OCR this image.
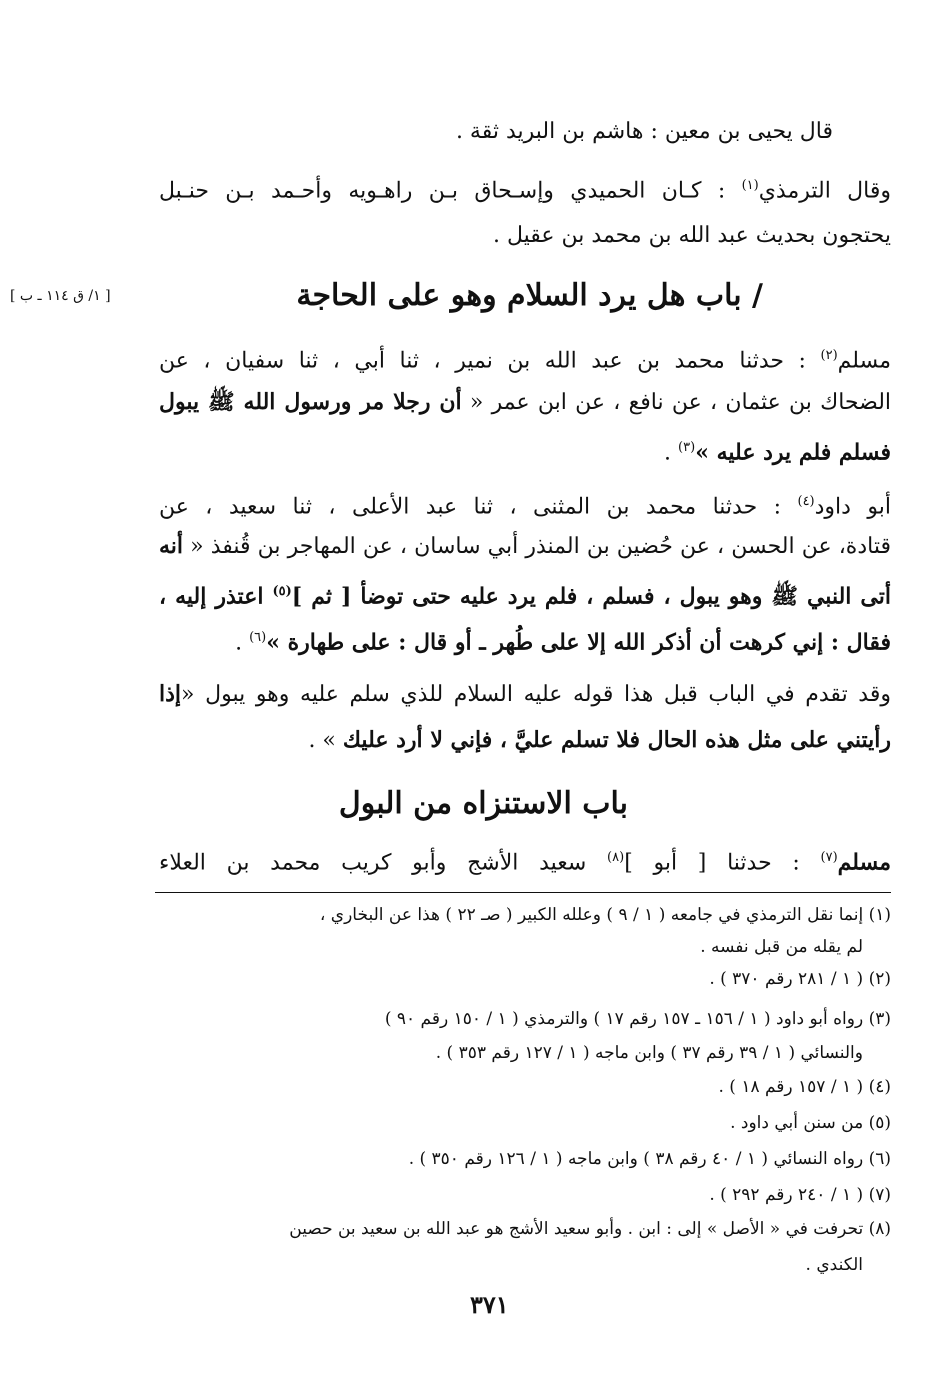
قال يحيى بن معين : هاشم بن البريد ثقة .
وقال الترمذي$^{(١)}$ : كـان الحميدي وإسـحاق بـن راهـويه وأحـمد بـن حنـبل
يحتجون بحديث عبد الله بن محمد بن عقيل .
/ باب هل يرد السلام وهو على الحاجة
[ ١/ ق ١١٤ ـ ب ]
مسلم$^{(٢)}$ : حدثنا محمد بن عبد الله بن نمير ، ثنا أبي ، ثنا سفيان ، عن
الضحاك بن عثمان ، عن نافع ، عن ابن عمر « أن رجلا مر ورسول الله ﷺ يبول
فسلم فلم يرد عليه »$^{(٣)}$ .
أبو داود$^{(٤)}$ : حدثنا محمد بن المثنى ، ثنا عبد الأعلى ، ثنا سعيد ، عن
قتادة، عن الحسن ، عن حُضين بن المنذر أبي ساسان ، عن المهاجر بن قُنفذ « أنه
أتى النبي ﷺ وهو يبول ، فسلم ، فلم يرد عليه حتى توضأ [ ثم ]$^{(٥)}$ اعتذر إليه ،
فقال : إني كرهت أن أذكر الله إلا على طُهر ـ أو قال : على طهارة »$^{(٦)}$ .
وقد تقدم في الباب قبل هذا قوله عليه السلام للذي سلم عليه وهو يبول «إذا
رأيتني على مثل هذه الحال فلا تسلم عليَّ ، فإني لا أرد عليك » .
باب الاستنزاه من البول
مسلم$^{(٧)}$ : حدثنا [ أبو ]$^{(٨)}$ سعيد الأشج وأبو كريب محمد بن العلاء
(١) إنما نقل الترمذي في جامعه ( ١ / ٩ ) وعلله الكبير ( صـ ٢٢ ) هذا عن البخاري ،
لم يقله من قبل نفسه .
(٢) ( ١ / ٢٨١ رقم ٣٧٠ ) .
(٣) رواه أبو داود ( ١ / ١٥٦ ـ ١٥٧ رقم ١٧ ) والترمذي ( ١ / ١٥٠ رقم ٩٠ )
والنسائي ( ١ / ٣٩ رقم ٣٧ ) وابن ماجه ( ١ / ١٢٧ رقم ٣٥٣ ) .
(٤) ( ١ / ١٥٧ رقم ١٨ ) .
(٥) من سنن أبي داود .
(٦) رواه النسائي ( ١ / ٤٠ رقم ٣٨ ) وابن ماجه ( ١ / ١٢٦ رقم ٣٥٠ ) .
(٧) ( ١ / ٢٤٠ رقم ٢٩٢ ) .
(٨) تحرفت في « الأصل » إلى : ابن . وأبو سعيد الأشج هو عبد الله بن سعيد بن حصين
الكندي .
٣٧١
